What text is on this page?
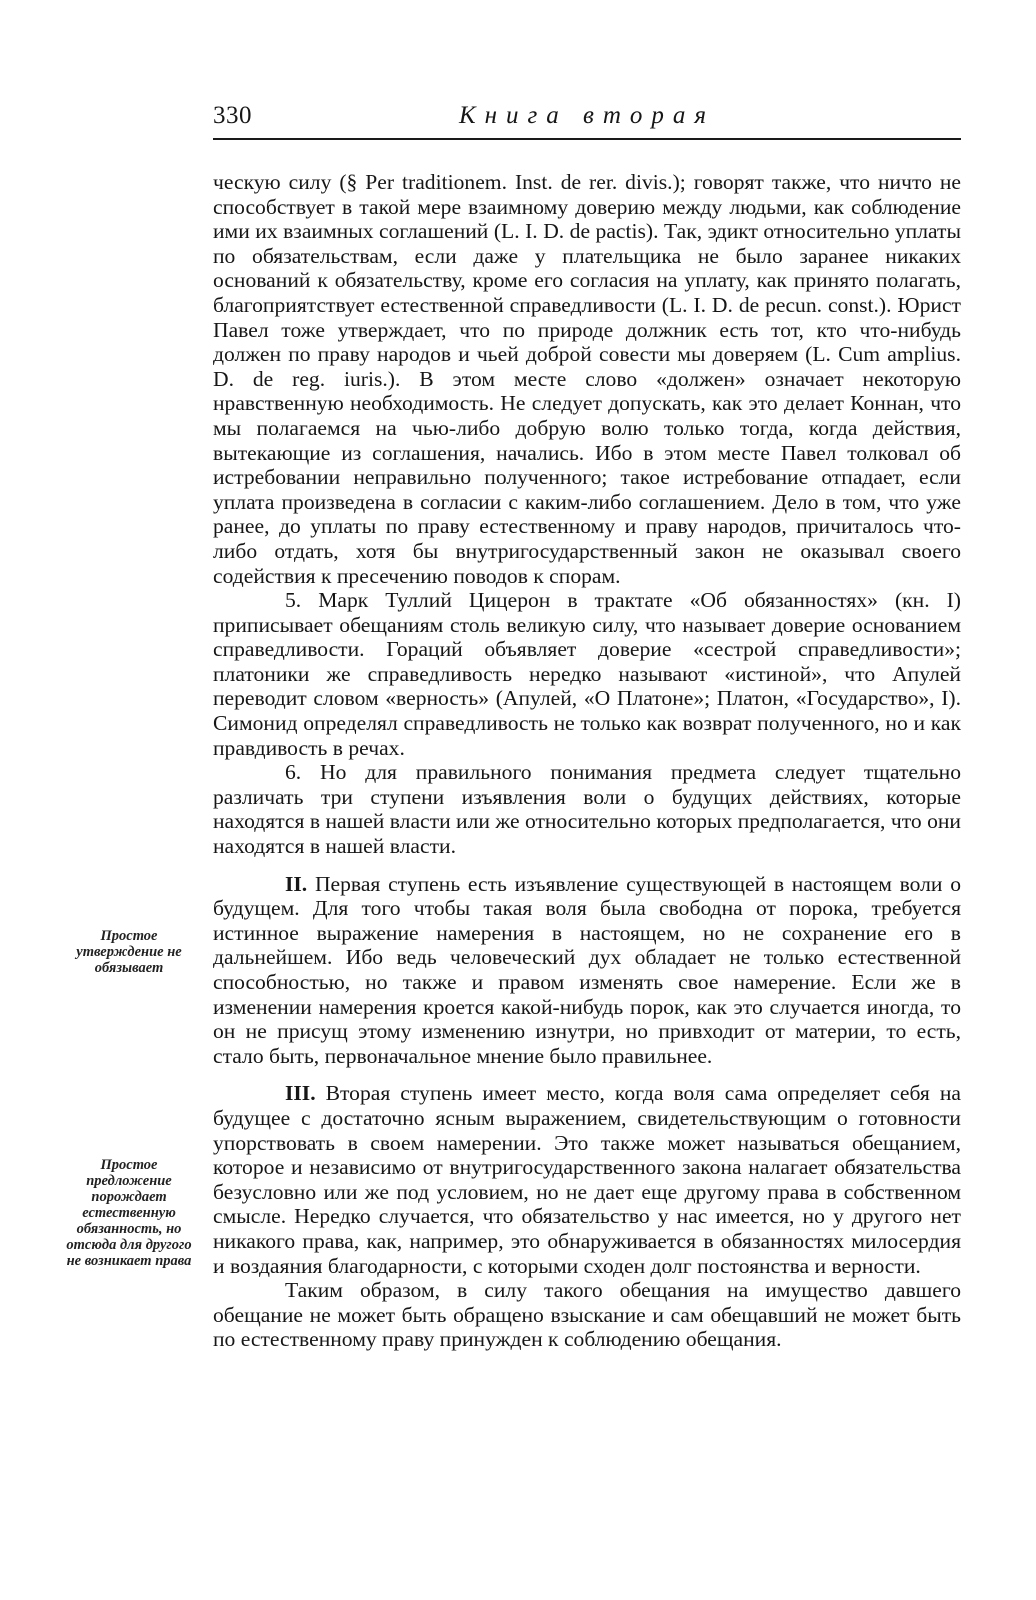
330	Книга вторая

ческую силу (§ Per traditionem. Inst. de rer. divis.); говорят также, что ничто не способствует в такой мере взаимному доверию между людьми, как соблюдение ими их взаимных соглашений (L. I. D. de pactis). Так, эдикт относительно уплаты по обязательствам, если даже у плательщика не было заранее никаких оснований к обязательству, кроме его согласия на уплату, как принято полагать, благоприятствует естественной справедливости (L. I. D. de pecun. const.). Юрист Павел тоже утверждает, что по природе должник есть тот, кто что-нибудь должен по праву народов и чьей доброй совести мы доверяем (L. Cum amplius. D. de reg. iuris.). В этом месте слово «должен» означает некоторую нравственную необходимость. Не следует допускать, как это делает Коннан, что мы полагаемся на чью-либо добрую волю только тогда, когда действия, вытекающие из соглашения, начались. Ибо в этом месте Павел толковал об истребовании неправильно полученного; такое истребование отпадает, если уплата произведена в согласии с каким-либо соглашением. Дело в том, что уже ранее, до уплаты по праву естественному и праву народов, причиталось что-либо отдать, хотя бы внутригосударственный закон не оказывал своего содействия к пресечению поводов к спорам.

5. Марк Туллий Цицерон в трактате «Об обязанностях» (кн. I) приписывает обещаниям столь великую силу, что называет доверие основанием справедливости. Гораций объявляет доверие «сестрой справедливости»; платоники же справедливость нередко называют «истиной», что Апулей переводит словом «верность» (Апулей, «О Платоне»; Платон, «Государство», I). Симонид определял справедливость не только как возврат полученного, но и как правдивость в речах.

6. Но для правильного понимания предмета следует тщательно различать три ступени изъявления воли о будущих действиях, которые находятся в нашей власти или же относительно которых предполагается, что они находятся в нашей власти.

II. Первая ступень есть изъявление существующей в настоящем воли о будущем. Для того чтобы такая воля была свободна от порока, требуется истинное выражение намерения в настоящем, но не сохранение его в дальнейшем. Ибо ведь человеческий дух обладает не только естественной способностью, но также и правом изменять свое намерение. Если же в изменении намерения кроется какой-нибудь порок, как это случается иногда, то он не присущ этому изменению изнутри, но привходит от материи, то есть, стало быть, первоначальное мнение было правильнее.

III. Вторая ступень имеет место, когда воля сама определяет себя на будущее с достаточно ясным выражением, свидетельствующим о готовности упорствовать в своем намерении. Это также может называться обещанием, которое и независимо от внутригосударственного закона налагает обязательства безусловно или же под условием, но не дает еще другому права в собственном смысле. Нередко случается, что обязательство у нас имеется, но у другого нет никакого права, как, например, это обнаруживается в обязанностях милосердия и воздаяния благодарности, с которыми сходен долг постоянства и верности.

Таким образом, в силу такого обещания на имущество давшего обещание не может быть обращено взыскание и сам обещавший не может быть по естественному праву принужден к соблюдению обещания.

Простое утверждение не обязывает
Простое предложение порождает естественную обязанность, но отсюда для другого не возникает права
